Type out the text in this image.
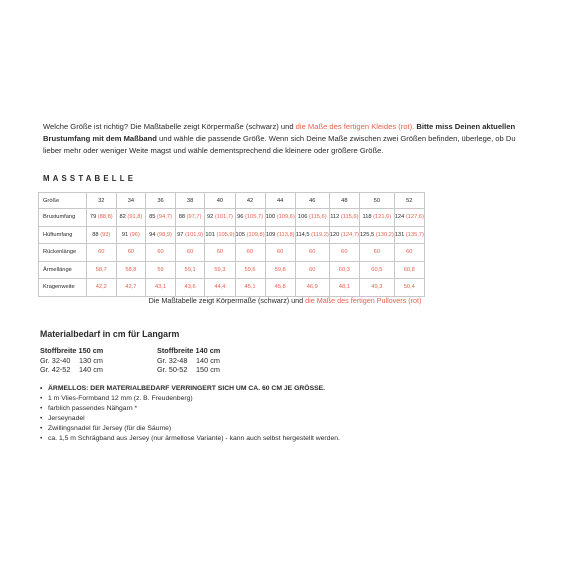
Welche Größe ist richtig? Die Maßtabelle zeigt Körpermaße (schwarz) und die Maße des fertigen Kleides (rot). Bitte miss Deinen aktuellen Brustumfang mit dem Maßband und wähle die passende Größe. Wenn sich Deine Maße zwischen zwei Größen befinden, überlege, ob Du lieber mehr oder weniger Weite magst und wähle dementsprechend die kleinere oder größere Größe.
MASSTABELLE
Größe	32	34	36	38	40	42	44	46	48	50	52
Brustumfang	79 (88,8)	82 (91,8)	85 (94,7)	88 (97,7)	92 (101,7)	96 (105,7)	100 (109,6)	106 (115,6)	112 (115,6)	118 (121,6)	124 (127,6)
Hüftumfang	88 (93)	91 (96)	94 (98,9)	97 (101,9)	101 (105,9)	105 (109,8)	109 (113,8)	114,5 (119,2)	120 (124,7)	125,5 (130,2)	131 (135,7)
Rückenlänge	60	60	60	60	60	60	60	60	60	60	60
Ärmellänge	58,7	58,8	59	59,1	59,3	59,6	59,8	60	60,3	60,5	60,8
Kragenweite	42,2	42,7	43,1	43,6	44,4	45,1	45,8	46,9	48,1	49,3	50,4
Die Maßtabelle zeigt Körpermaße (schwarz) und die Maße des fertigen Pullovers (rot)
Materialbedarf in cm für Langarm
Stoffbreite 150 cm
Gr. 32-40 130 cm
Gr. 42-52 140 cm
Stoffbreite 140 cm
Gr. 32-48 140 cm
Gr. 50-52 150 cm
• ÄRMELLOS: DER MATERIALBEDARF VERRINGERT SICH UM CA. 60 CM JE GRÖSSE.
• 1 m Vlies-Formband 12 mm (z. B. Freudenberg)
• farblich passendes Nähgarn *
• Jerseynadel
• Zwillingsnadel für Jersey (für die Säume)
• ca. 1,5 m Schrägband aus Jersey (nur ärmellose Variante) - kann auch selbst hergestellt werden.
